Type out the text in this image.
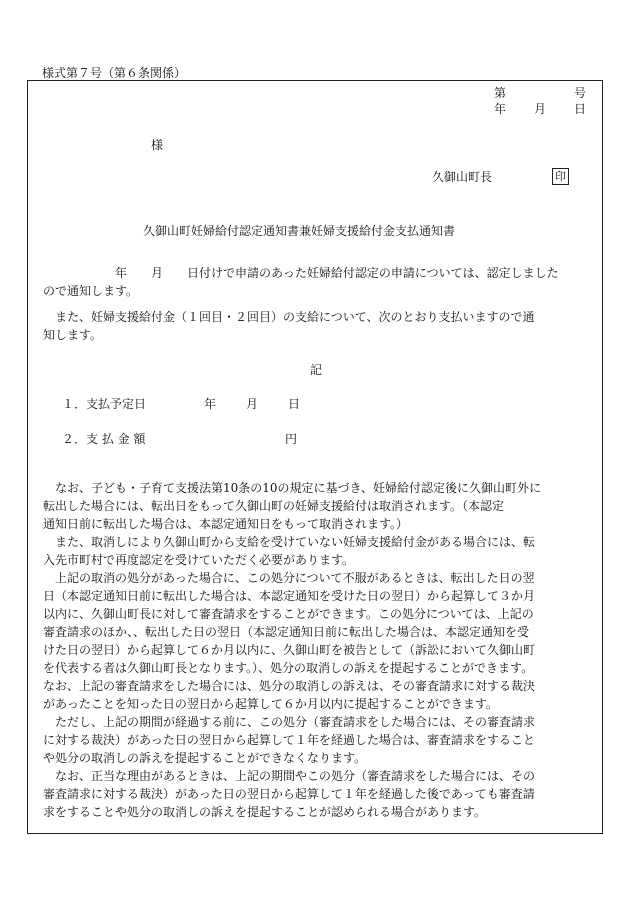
様式第７号（第６条関係）
第	号
年 月 日
様
久御山町長	印
久御山町妊婦給付認定通知書兼妊婦支援給付金支払通知書

　　　　　　年　　月　　日付けで申請のあった妊婦給付認定の申請については、認定しました
ので通知します。

　また、妊婦支援給付金（１回目・２回目）の支給について、次のとおり支払いますので通
知します。

記
１．支払予定日	年 月 日
２．支 払 金 額	円

　なお、子ども・子育て支援法第10条の10の規定に基づき、妊婦給付認定後に久御山町外に
転出した場合には、転出日をもって久御山町の妊婦支援給付は取消されます。（本認定
通知日前に転出した場合は、本認定通知日をもって取消されます。）

　また、取消しにより久御山町から支給を受けていない妊婦支援給付金がある場合には、転
入先市町村で再度認定を受けていただく必要があります。

　上記の取消の処分があった場合に、この処分について不服があるときは、転出した日の翌
日（本認定通知日前に転出した場合は、本認定通知を受けた日の翌日）から起算して３か月
以内に、久御山町長に対して審査請求をすることができます。この処分については、上記の
審査請求のほか、、転出した日の翌日（本認定通知日前に転出した場合は、本認定通知を受
けた日の翌日）から起算して６か月以内に、久御山町を被告として（訴訟において久御山町
を代表する者は久御山町長となります。）、処分の取消しの訴えを提起することができます。
なお、上記の審査請求をした場合には、処分の取消しの訴えは、その審査請求に対する裁決
があったことを知った日の翌日から起算して６か月以内に提起することができます。

　ただし、上記の期間が経過する前に、この処分（審査請求をした場合には、その審査請求
に対する裁決）があった日の翌日から起算して１年を経過した場合は、審査請求をすること
や処分の取消しの訴えを提起することができなくなります。

　なお、正当な理由があるときは、上記の期間やこの処分（審査請求をした場合には、その
審査請求に対する裁決）があった日の翌日から起算して１年を経過した後であっても審査請
求をすることや処分の取消しの訴えを提起することが認められる場合があります。
